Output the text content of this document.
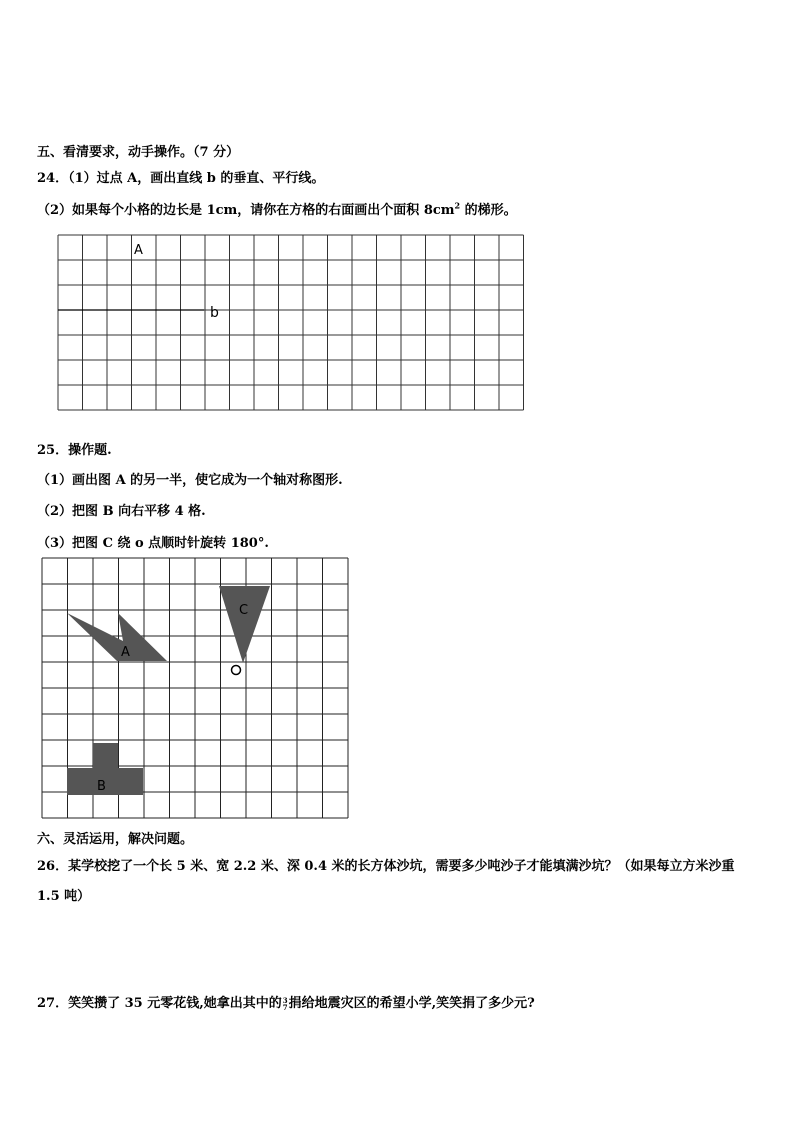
五、看清要求，动手操作。（7 分）
24．（1）过点 A，画出直线 b 的垂直、平行线。
（2）如果每个小格的边长是 1cm，请你在方格的右面画出个面积 $8cm^2$ 的梯形。
A
b
25．操作题.
（1）画出图 A 的另一半，使它成为一个轴对称图形.
（2）把图 B 向右平移 4 格.
（3）把图 C 绕 o 点顺时针旋转 180°.
A
B
C
六、灵活运用，解决问题。
26．某学校挖了一个长 5 米、宽 2.2 米、深 0.4 米的长方体沙坑，需要多少吨沙子才能填满沙坑？（如果每立方米沙重
1.5 吨）
27．笑笑攒了 35 元零花钱,她拿出其中的 3
7 捐给地震灾区的希望小学,笑笑捐了多少元?
